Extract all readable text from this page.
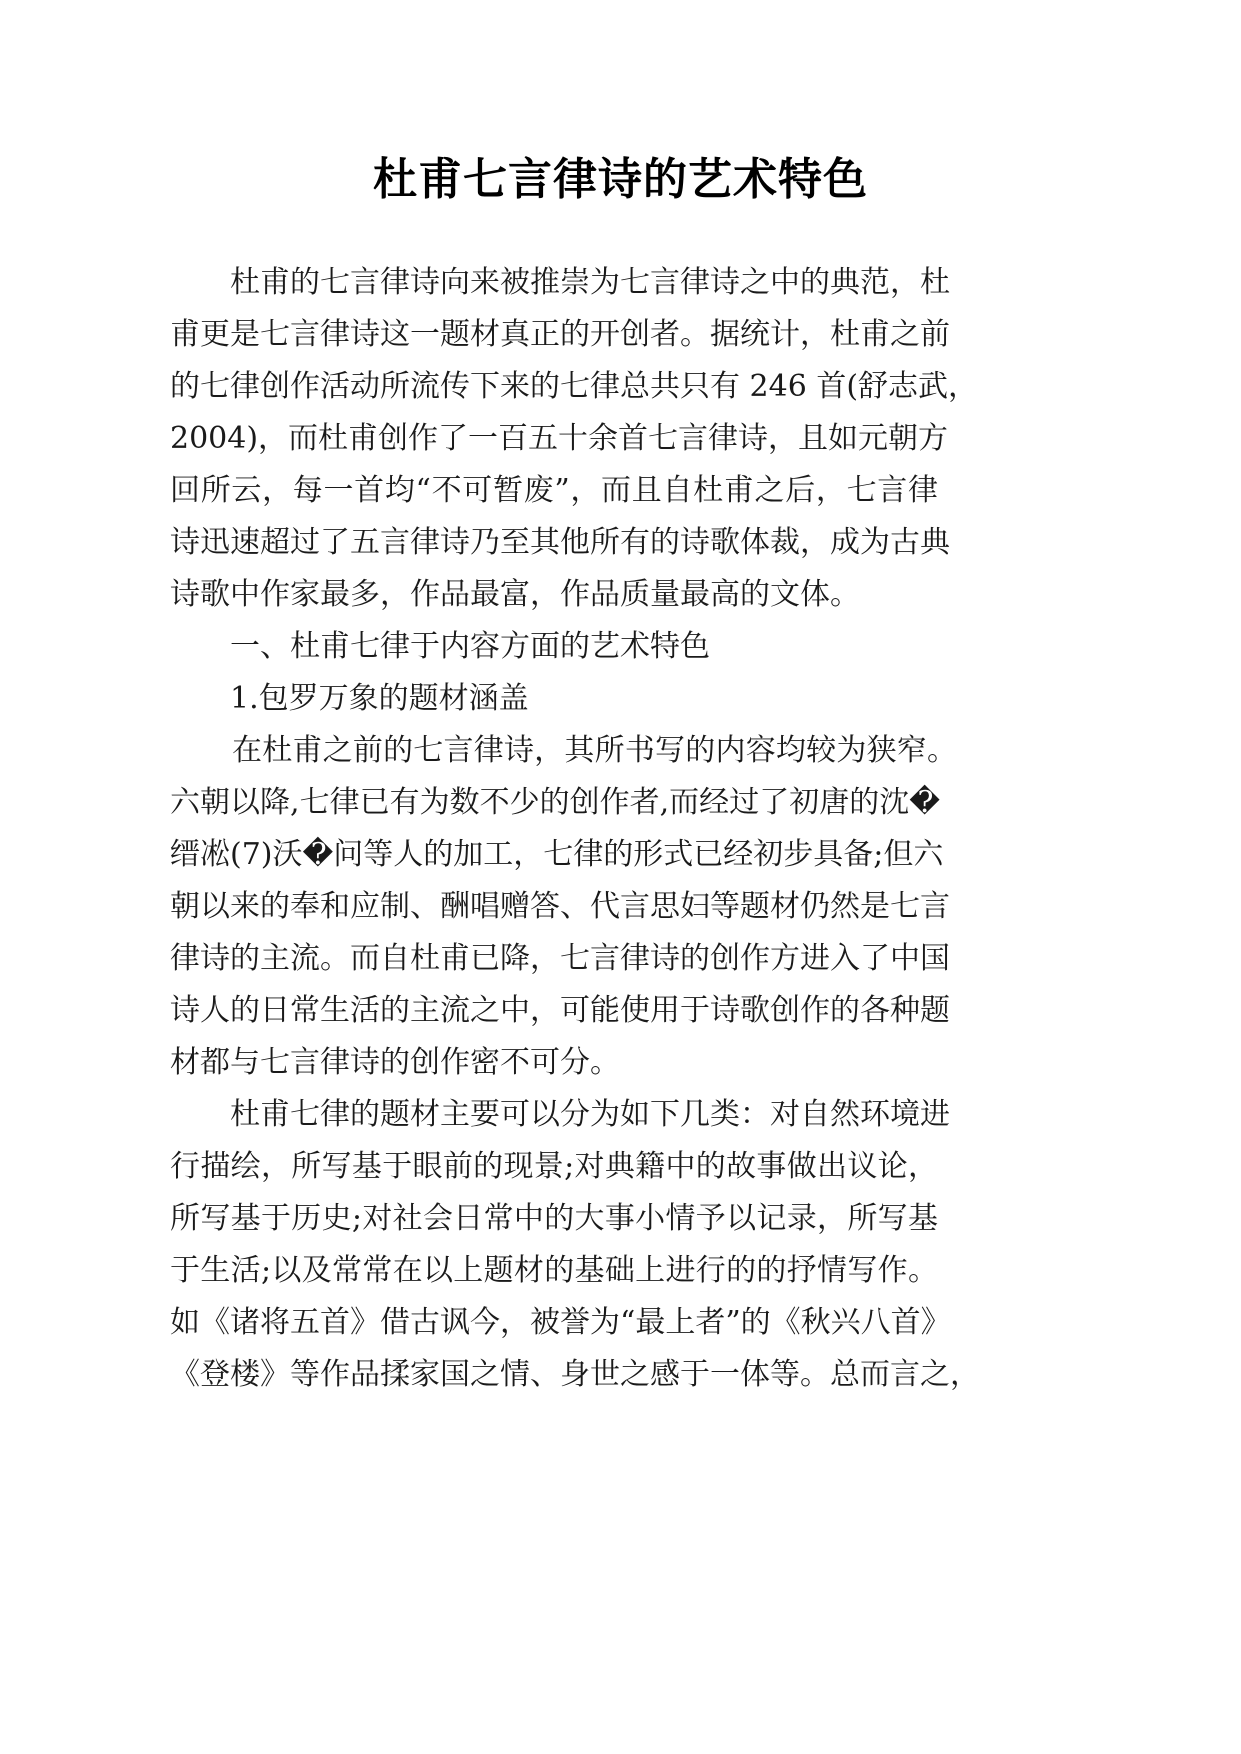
杜甫七言律诗的艺术特色
杜甫的七言律诗向来被推崇为七言律诗之中的典范，杜
甫更是七言律诗这一题材真正的开创者。据统计，杜甫之前
的七律创作活动所流传下来的七律总共只有 246 首(舒志武，
2004)，而杜甫创作了一百五十余首七言律诗，且如元朝方
回所云，每一首均“不可暂废”，而且自杜甫之后，七言律
诗迅速超过了五言律诗乃至其他所有的诗歌体裁，成为古典
诗歌中作家最多，作品最富，作品质量最高的文体。
一、杜甫七律于内容方面的艺术特色
1.包罗万象的题材涵盖
在杜甫之前的七言律诗，其所书写的内容均较为狭窄。
六朝以降,七律已有为数不少的创作者,而经过了初唐的沈�
缙凇(7)沃�问等人的加工，七律的形式已经初步具备;但六
朝以来的奉和应制、酬唱赠答、代言思妇等题材仍然是七言
律诗的主流。而自杜甫已降，七言律诗的创作方进入了中国
诗人的日常生活的主流之中，可能使用于诗歌创作的各种题
材都与七言律诗的创作密不可分。
杜甫七律的题材主要可以分为如下几类：对自然环境进
行描绘，所写基于眼前的现景;对典籍中的故事做出议论，
所写基于历史;对社会日常中的大事小情予以记录，所写基
于生活;以及常常在以上题材的基础上进行的的抒情写作。
如《诸将五首》借古讽今，被誉为“最上者”的《秋兴八首》
《登楼》等作品揉家国之情、身世之感于一体等。总而言之，
